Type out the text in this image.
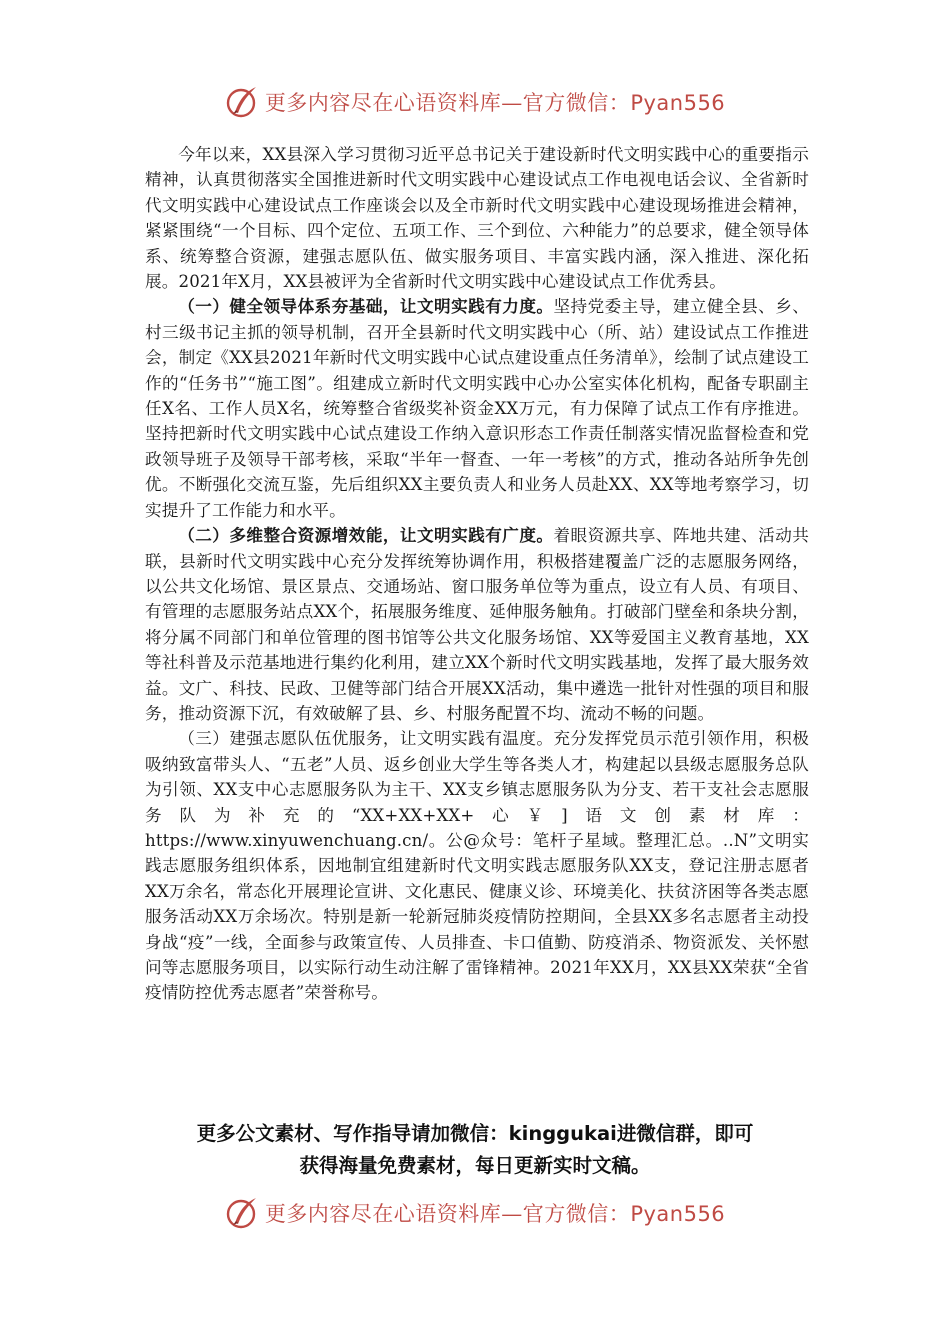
更多内容尽在心语资料库—官方微信：Pyan556

今年以来，XX县深入学习贯彻习近平总书记关于建设新时代文明实践中心的重要指示精神，认真贯彻落实全国推进新时代文明实践中心建设试点工作电视电话会议、全省新时代文明实践中心建设试点工作座谈会以及全市新时代文明实践中心建设现场推进会精神，紧紧围绕“一个目标、四个定位、五项工作、三个到位、六种能力”的总要求，健全领导体系、统筹整合资源，建强志愿队伍、做实服务项目、丰富实践内涵，深入推进、深化拓展。2021年X月，XX县被评为全省新时代文明实践中心建设试点工作优秀县。

（一）健全领导体系夯基础，让文明实践有力度。坚持党委主导，建立健全县、乡、村三级书记主抓的领导机制，召开全县新时代文明实践中心（所、站）建设试点工作推进会，制定《XX县2021年新时代文明实践中心试点建设重点任务清单》，绘制了试点建设工作的“任务书”“施工图”。组建成立新时代文明实践中心办公室实体化机构，配备专职副主任X名、工作人员X名，统筹整合省级奖补资金XX万元，有力保障了试点工作有序推进。坚持把新时代文明实践中心试点建设工作纳入意识形态工作责任制落实情况监督检查和党政领导班子及领导干部考核，采取“半年一督查、一年一考核”的方式，推动各站所争先创优。不断强化交流互鉴，先后组织XX主要负责人和业务人员赴XX、XX等地考察学习，切实提升了工作能力和水平。

（二）多维整合资源增效能，让文明实践有广度。着眼资源共享、阵地共建、活动共联，县新时代文明实践中心充分发挥统筹协调作用，积极搭建覆盖广泛的志愿服务网络，以公共文化场馆、景区景点、交通场站、窗口服务单位等为重点，设立有人员、有项目、有管理的志愿服务站点XX个，拓展服务维度、延伸服务触角。打破部门壁垒和条块分割，将分属不同部门和单位管理的图书馆等公共文化服务场馆、XX等爱国主义教育基地，XX等社科普及示范基地进行集约化利用，建立XX个新时代文明实践基地，发挥了最大服务效益。文广、科技、民政、卫健等部门结合开展XX活动，集中遴选一批针对性强的项目和服务，推动资源下沉，有效破解了县、乡、村服务配置不均、流动不畅的问题。

（三）建强志愿队伍优服务，让文明实践有温度。充分发挥党员示范引领作用，积极吸纳致富带头人、“五老”人员、返乡创业大学生等各类人才，构建起以县级志愿服务总队为引领、XX支中心志愿服务队为主干、XX支乡镇志愿服务队为分支、若干支社会志愿服务队为补充的“XX+XX+XX+心￥]语文创素材库：https://www.xinyuwenchuang.cn/。公@众号：笔杆子星域。整理汇总。..N”文明实践志愿服务组织体系，因地制宜组建新时代文明实践志愿服务队XX支，登记注册志愿者XX万余名，常态化开展理论宣讲、文化惠民、健康义诊、环境美化、扶贫济困等各类志愿服务活动XX万余场次。特别是新一轮新冠肺炎疫情防控期间，全县XX多名志愿者主动投身战“疫”一线，全面参与政策宣传、人员排查、卡口值勤、防疫消杀、物资派发、关怀慰问等志愿服务项目，以实际行动生动注解了雷锋精神。2021年XX月，XX县XX荣获“全省疫情防控优秀志愿者”荣誉称号。

更多公文素材、写作指导请加微信：kinggukai进微信群，即可
获得海量免费素材，每日更新实时文稿。
更多内容尽在心语资料库—官方微信：Pyan556
